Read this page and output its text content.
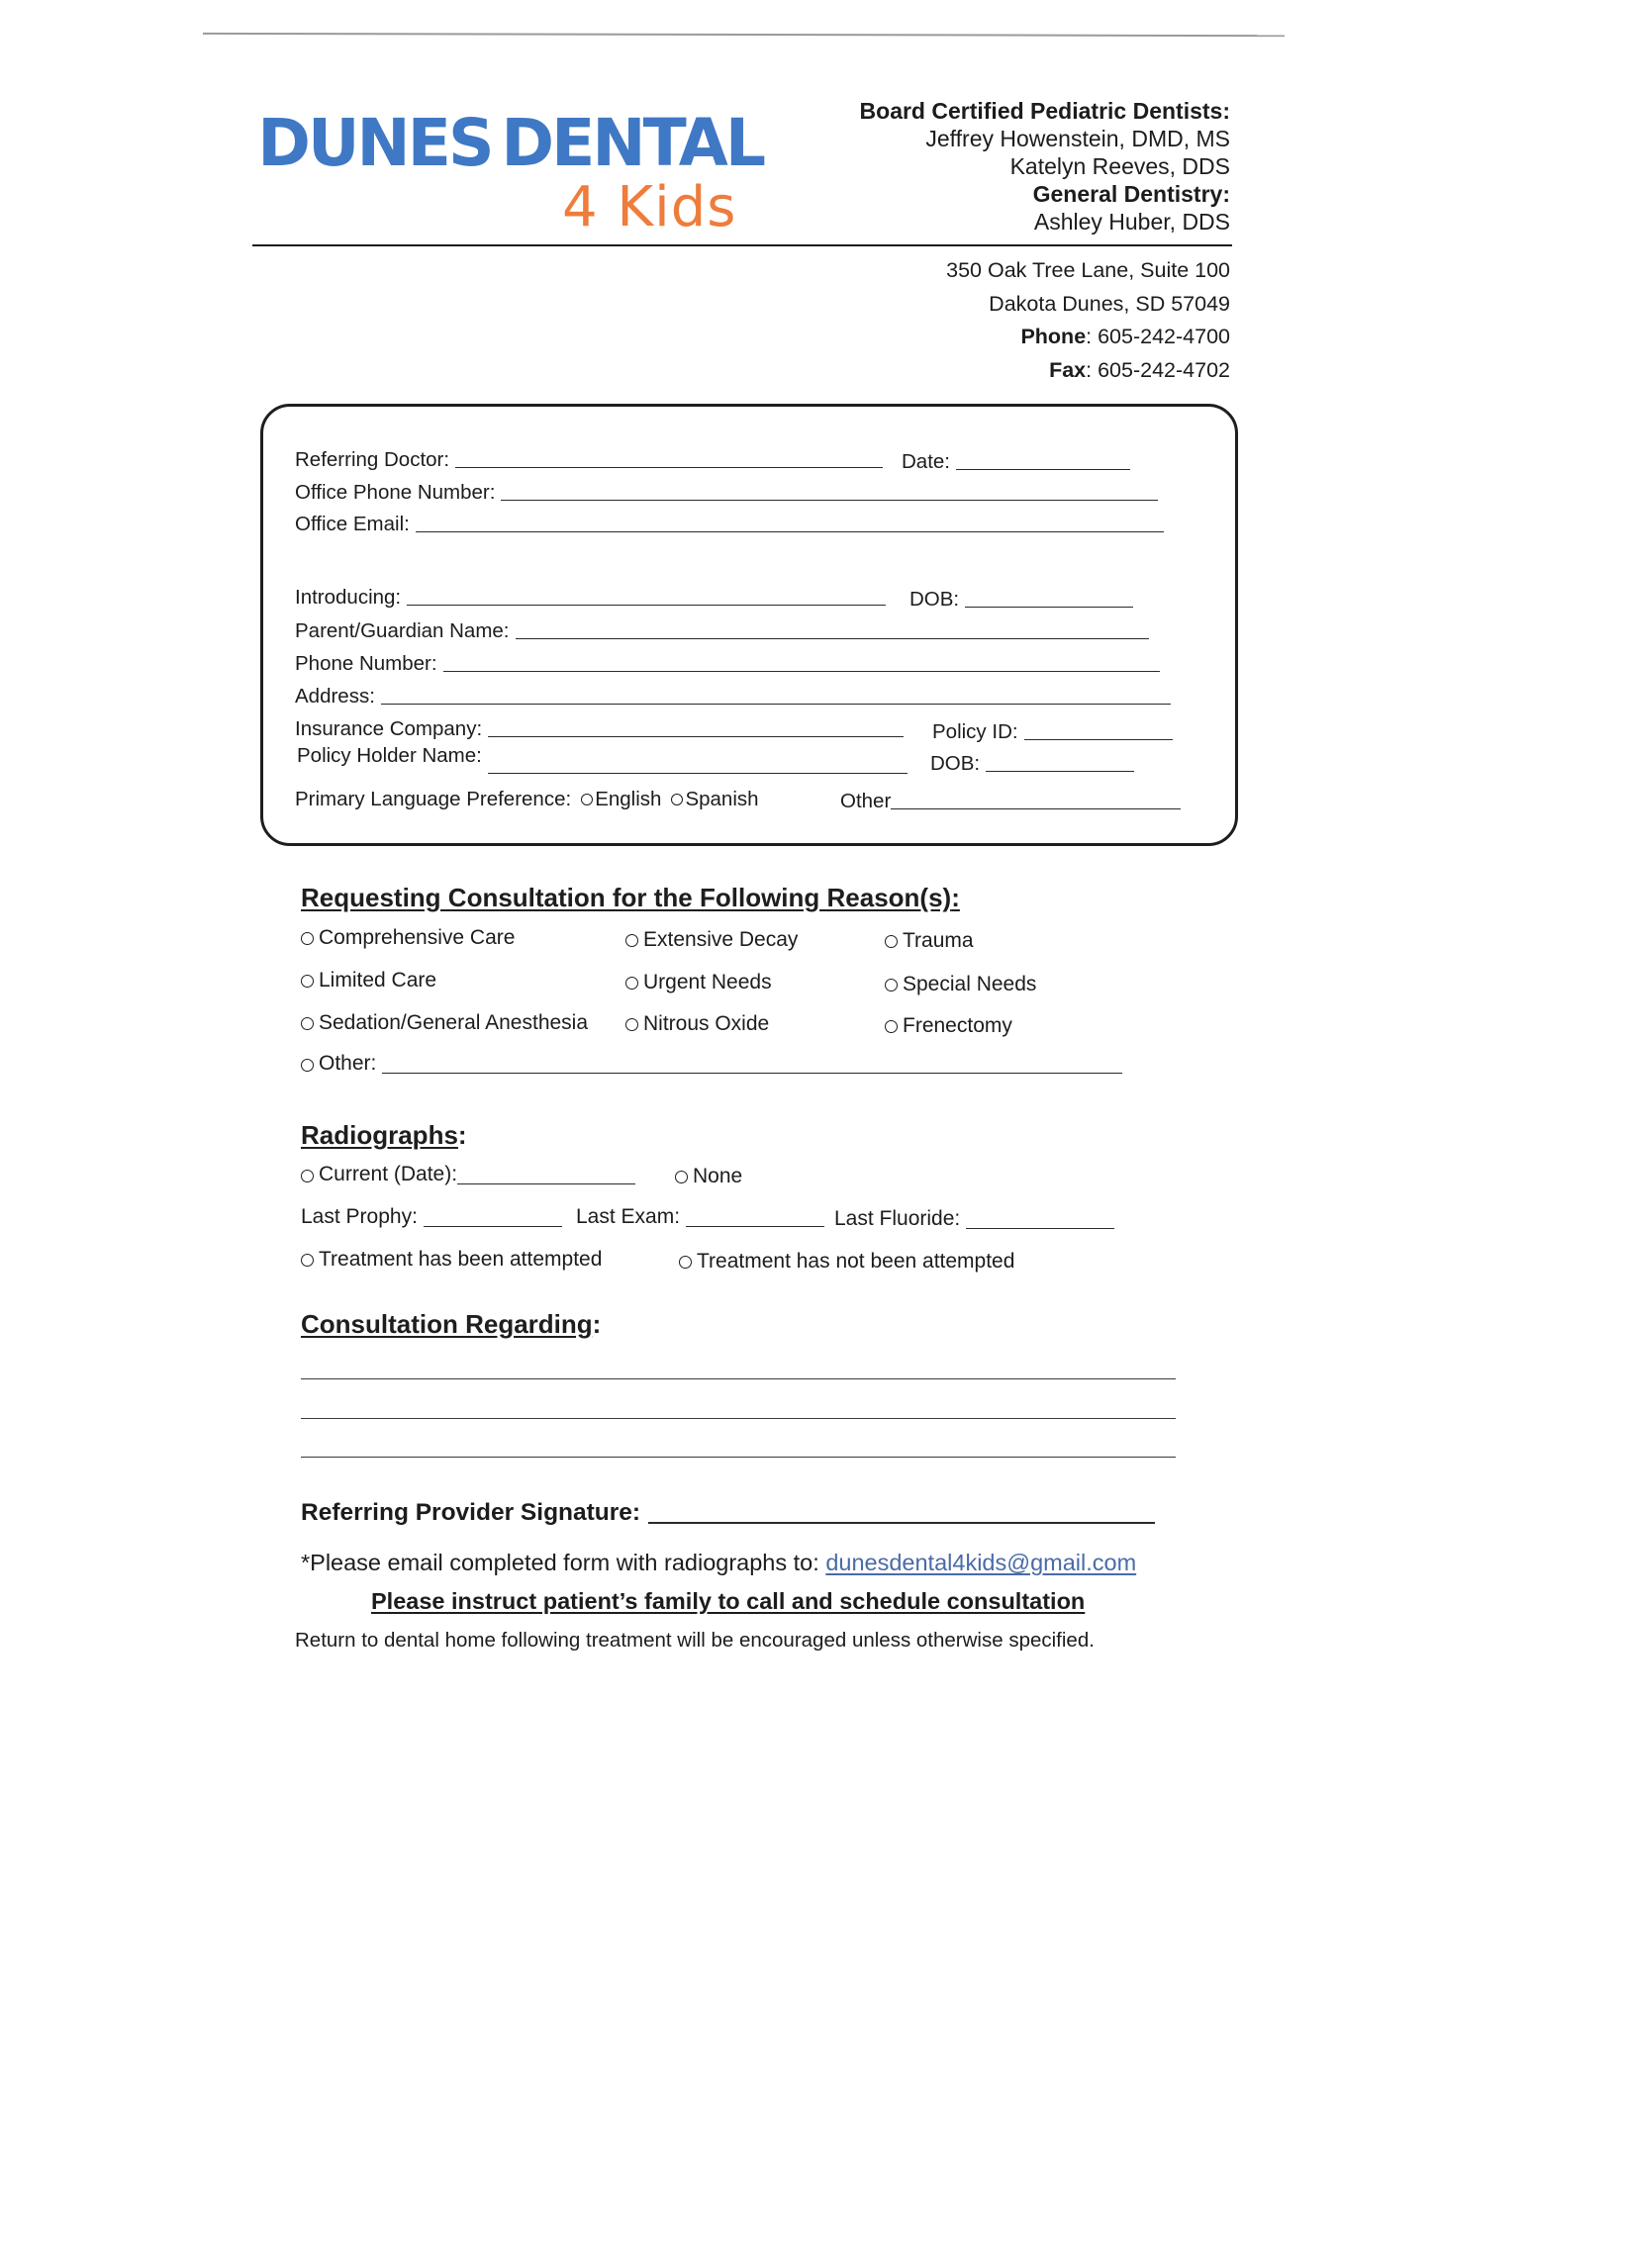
DUNES DENTAL
4 Kids
Board Certified Pediatric Dentists:
Jeffrey Howenstein, DMD, MS
Katelyn Reeves, DDS
General Dentistry:
Ashley Huber, DDS
350 Oak Tree Lane, Suite 100
Dakota Dunes, SD 57049
Phone: 605-242-4700
Fax: 605-242-4702
Referring Doctor:	Date:
Office Phone Number:
Office Email:
Introducing:	DOB:
Parent/Guardian Name:
Phone Number:
Address:
Insurance Company:	Policy ID:
Policy Holder Name:	DOB:
Primary Language Preference: English Spanish	Other
Requesting Consultation for the Following Reason(s):
Comprehensive Care	Extensive Decay	Trauma
Limited Care	Urgent Needs	Special Needs
Sedation/General Anesthesia	Nitrous Oxide	Frenectomy
Other:
Radiographs:
Current (Date):	None
Last Prophy:	Last Exam:	Last Fluoride:
Treatment has been attempted	Treatment has not been attempted
Consultation Regarding:
Referring Provider Signature:
*Please email completed form with radiographs to: dunesdental4kids@gmail.com
Please instruct patient’s family to call and schedule consultation
Return to dental home following treatment will be encouraged unless otherwise specified.
